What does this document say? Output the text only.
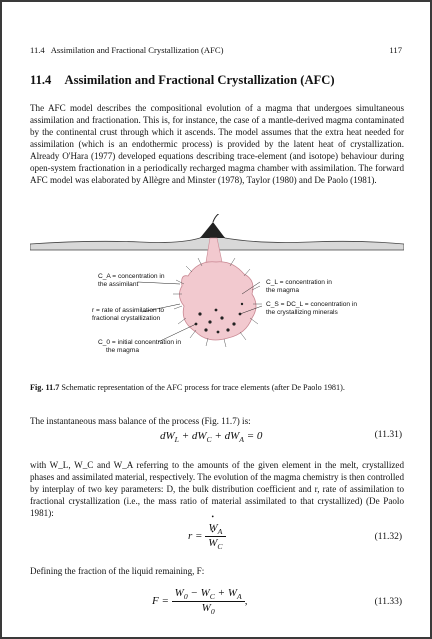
11.4   Assimilation and Fractional Crystallization (AFC)	117
11.4 Assimilation and Fractional Crystallization (AFC)

The AFC model describes the compositional evolution of a magma that undergoes simultaneous assimilation and fractionation. This is, for instance, the case of a mantle-derived magma contaminated by the continental crust through which it ascends. The model assumes that the extra heat needed for assimilation (which is an endothermic process) is provided by the latent heat of crystallization. Already O'Hara (1977) developed equations describing trace-element (and isotope) behaviour during open-system fractionation in a periodically recharged magma chamber with assimilation. The forward AFC model was elaborated by Allègre and Minster (1978), Taylor (1980) and De Paolo (1981).

C_A = concentration in
the assimilant
r = rate of assimilation to
fractional crystallization
C_0 = initial concentration in
the magma
C_L = concentration in
the magma
C_S = DC_L = concentration in
the crystallizing minerals

Fig. 11.7 Schematic representation of the AFC process for trace elements (after De Paolo 1981).

The instantaneous mass balance of the process (Fig. 11.7) is:

$dW_L + dW_C + dW_A = 0$	(11.31)

with W_L, W_C and W_A referring to the amounts of the given element in the melt, crystallized phases and assimilated material, respectively. The evolution of the magma chemistry is then controlled by interplay of two key parameters: D, the bulk distribution coefficient and r, rate of assimilation to fractional crystallization (i.e., the mass ratio of material assimilated to that crystallized) (De Paolo 1981):

r =
• $W_A$
• $W_C$	(11.32)

Defining the fraction of the liquid remaining, F:

$F = \frac{W_0 - W_C + W_A}{W_0}$ ,	(11.33)
